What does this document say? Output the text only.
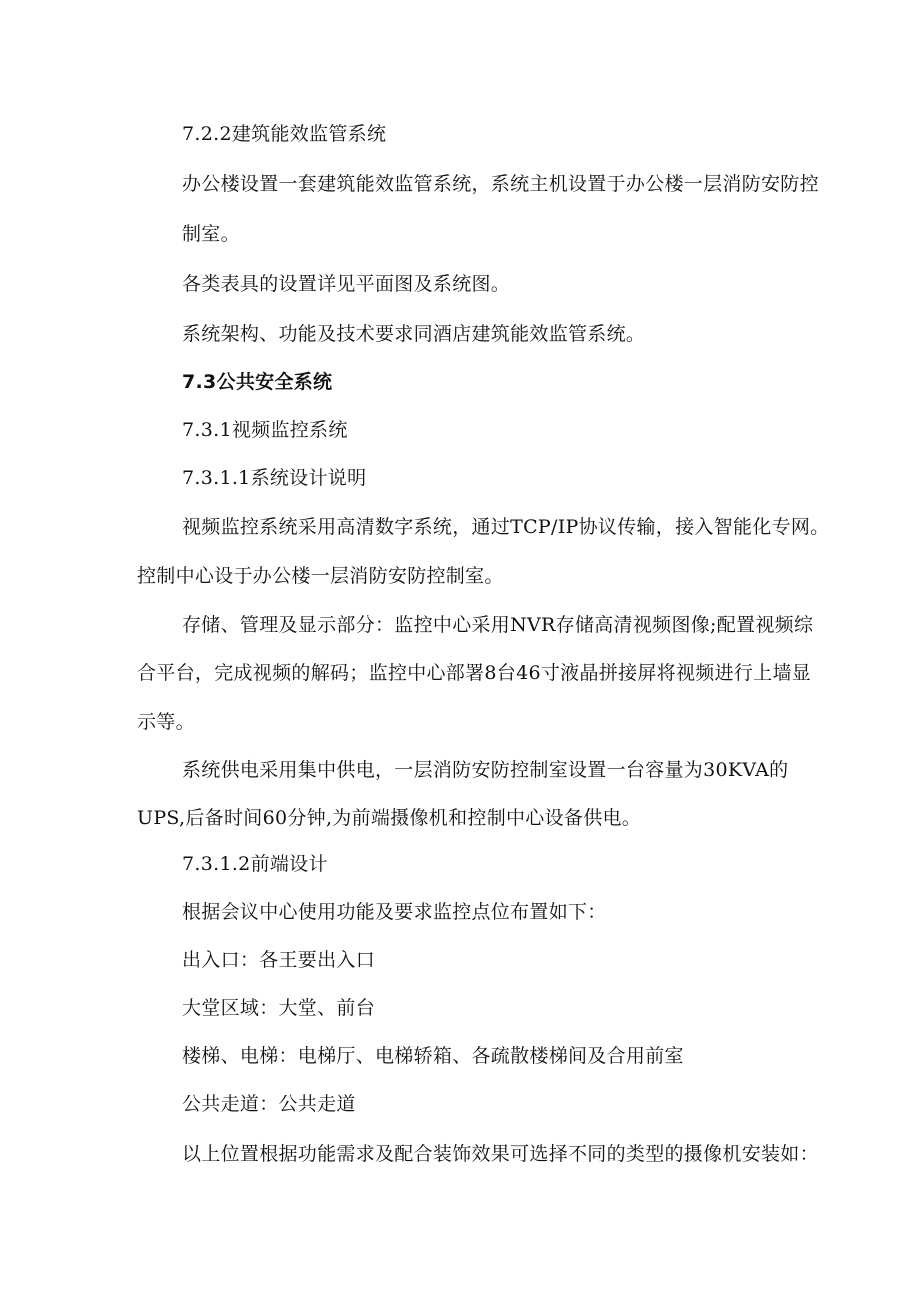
7.2.2建筑能效监管系统
办公楼设置一套建筑能效监管系统，系统主机设置于办公楼一层消防安防控
制室。
各类表具的设置详见平面图及系统图。
系统架构、功能及技术要求同酒店建筑能效监管系统。
7.3公共安全系统
7.3.1视频监控系统
7.3.1.1系统设计说明
视频监控系统采用高清数字系统，通过TCP/IP协议传输，接入智能化专网。
控制中心设于办公楼一层消防安防控制室。
存储、管理及显示部分：监控中心采用NVR存储高清视频图像;配置视频综
合平台，完成视频的解码；监控中心部署8台46寸液晶拼接屏将视频进行上墙显
示等。
系统供电采用集中供电，一层消防安防控制室设置一台容量为30KVA的
UPS,后备时间60分钟,为前端摄像机和控制中心设备供电。
7.3.1.2前端设计
根据会议中心使用功能及要求监控点位布置如下：
出入口：各王要出入口
大堂区域：大堂、前台
楼梯、电梯：电梯厅、电梯轿箱、各疏散楼梯间及合用前室
公共走道：公共走道
以上位置根据功能需求及配合装饰效果可选择不同的类型的摄像机安装如：
